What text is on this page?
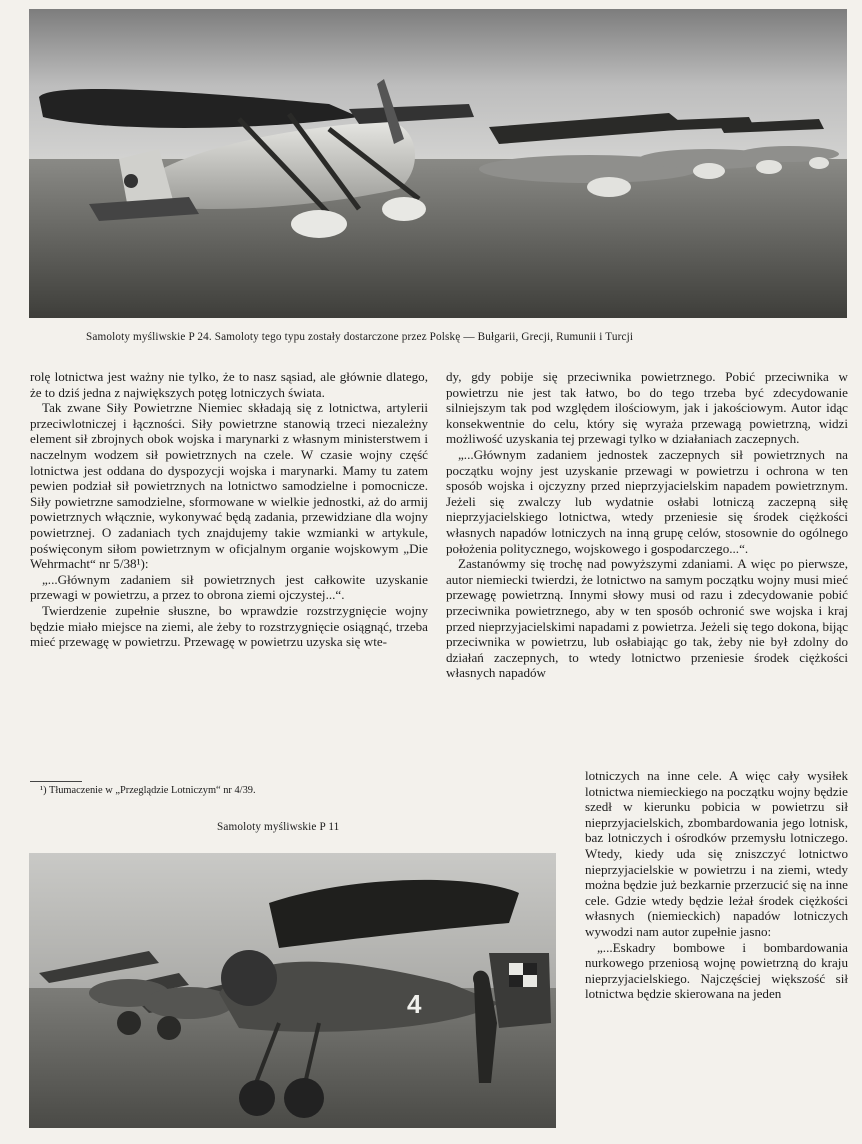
Samoloty myśliwskie P 24. Samoloty tego typu zostały dostarczone przez Polskę — Bułgarii, Grecji, Rumunii i Turcji

rolę lotnictwa jest ważny nie tylko, że to nasz sąsiad, ale głównie dlatego, że to dziś jedna z największych potęg lotniczych świata.

Tak zwane Siły Powietrzne Niemiec składają się z lotnictwa, artylerii przeciwlotniczej i łączności. Siły powietrzne stanowią trzeci niezależny element sił zbrojnych obok wojska i marynarki z własnym ministerstwem i naczelnym wodzem sił powietrznych na czele. W czasie wojny część lotnictwa jest oddana do dyspozycji wojska i marynarki. Mamy tu zatem pewien podział sił powietrznych na lotnictwo samodzielne i pomocnicze. Siły powietrzne samodzielne, sformowane w wielkie jednostki, aż do armij powietrznych włącznie, wykonywać będą zadania, przewidziane dla wojny powietrznej. O zadaniach tych znajdujemy takie wzmianki w artykule, poświęconym siłom powietrznym w oficjalnym organie wojskowym „Die Wehrmacht“ nr 5/38¹):

„...Głównym zadaniem sił powietrznych jest całkowite uzyskanie przewagi w powietrzu, a przez to obrona ziemi ojczystej...“.

Twierdzenie zupełnie słuszne, bo wprawdzie rozstrzygnięcie wojny będzie miało miejsce na ziemi, ale żeby to rozstrzygnięcie osiągnąć, trzeba mieć przewagę w powietrzu. Przewagę w powietrzu uzyska się wte-

¹) Tłumaczenie w „Przeglądzie Lotniczym“ nr 4/39.
Samoloty myśliwskie P 11

dy, gdy pobije się przeciwnika powietrznego. Pobić przeciwnika w powietrzu nie jest tak łatwo, bo do tego trzeba być zdecydowanie silniejszym tak pod względem ilościowym, jak i jakościowym. Autor idąc konsekwentnie do celu, który się wyraża przewagą powietrzną, widzi możliwość uzyskania tej przewagi tylko w działaniach zaczepnych.

„...Głównym zadaniem jednostek zaczepnych sił powietrznych na początku wojny jest uzyskanie przewagi w powietrzu i ochrona w ten sposób wojska i ojczyzny przed nieprzyjacielskim napadem powietrznym. Jeżeli się zwalczy lub wydatnie osłabi lotniczą zaczepną siłę nieprzyjacielskiego lotnictwa, wtedy przeniesie się środek ciężkości własnych napadów lotniczych na inną grupę celów, stosownie do ogólnego położenia politycznego, wojskowego i gospodarczego...“.

Zastanówmy się trochę nad powyższymi zdaniami. A więc po pierwsze, autor niemiecki twierdzi, że lotnictwo na samym początku wojny musi mieć przewagę powietrzną. Innymi słowy musi od razu i zdecydowanie pobić przeciwnika powietrznego, aby w ten sposób ochronić swe wojska i kraj przed nieprzyjacielskimi napadami z powietrza. Jeżeli się tego dokona, bijąc przeciwnika w powietrzu, lub osłabiając go tak, żeby nie był zdolny do działań zaczepnych, to wtedy lotnictwo przeniesie środek ciężkości własnych napadów

lotniczych na inne cele. A więc cały wysiłek lotnictwa niemieckiego na początku wojny będzie szedł w kierunku pobicia w powietrzu sił nieprzyjacielskich, zbombardowania jego lotnisk, baz lotniczych i ośrodków przemysłu lotniczego. Wtedy, kiedy uda się zniszczyć lotnictwo nieprzyjacielskie w powietrzu i na ziemi, wtedy można będzie już bezkarnie przerzucić się na inne cele. Gdzie wtedy będzie leżał środek ciężkości własnych (niemieckich) napadów lotniczych wywodzi nam autor zupełnie jasno:

„...Eskadry bombowe i bombardowania nurkowego przeniosą wojnę powietrzną do kraju nieprzyjacielskiego. Najczęściej większość sił lotnictwa będzie skierowana na jeden

4
